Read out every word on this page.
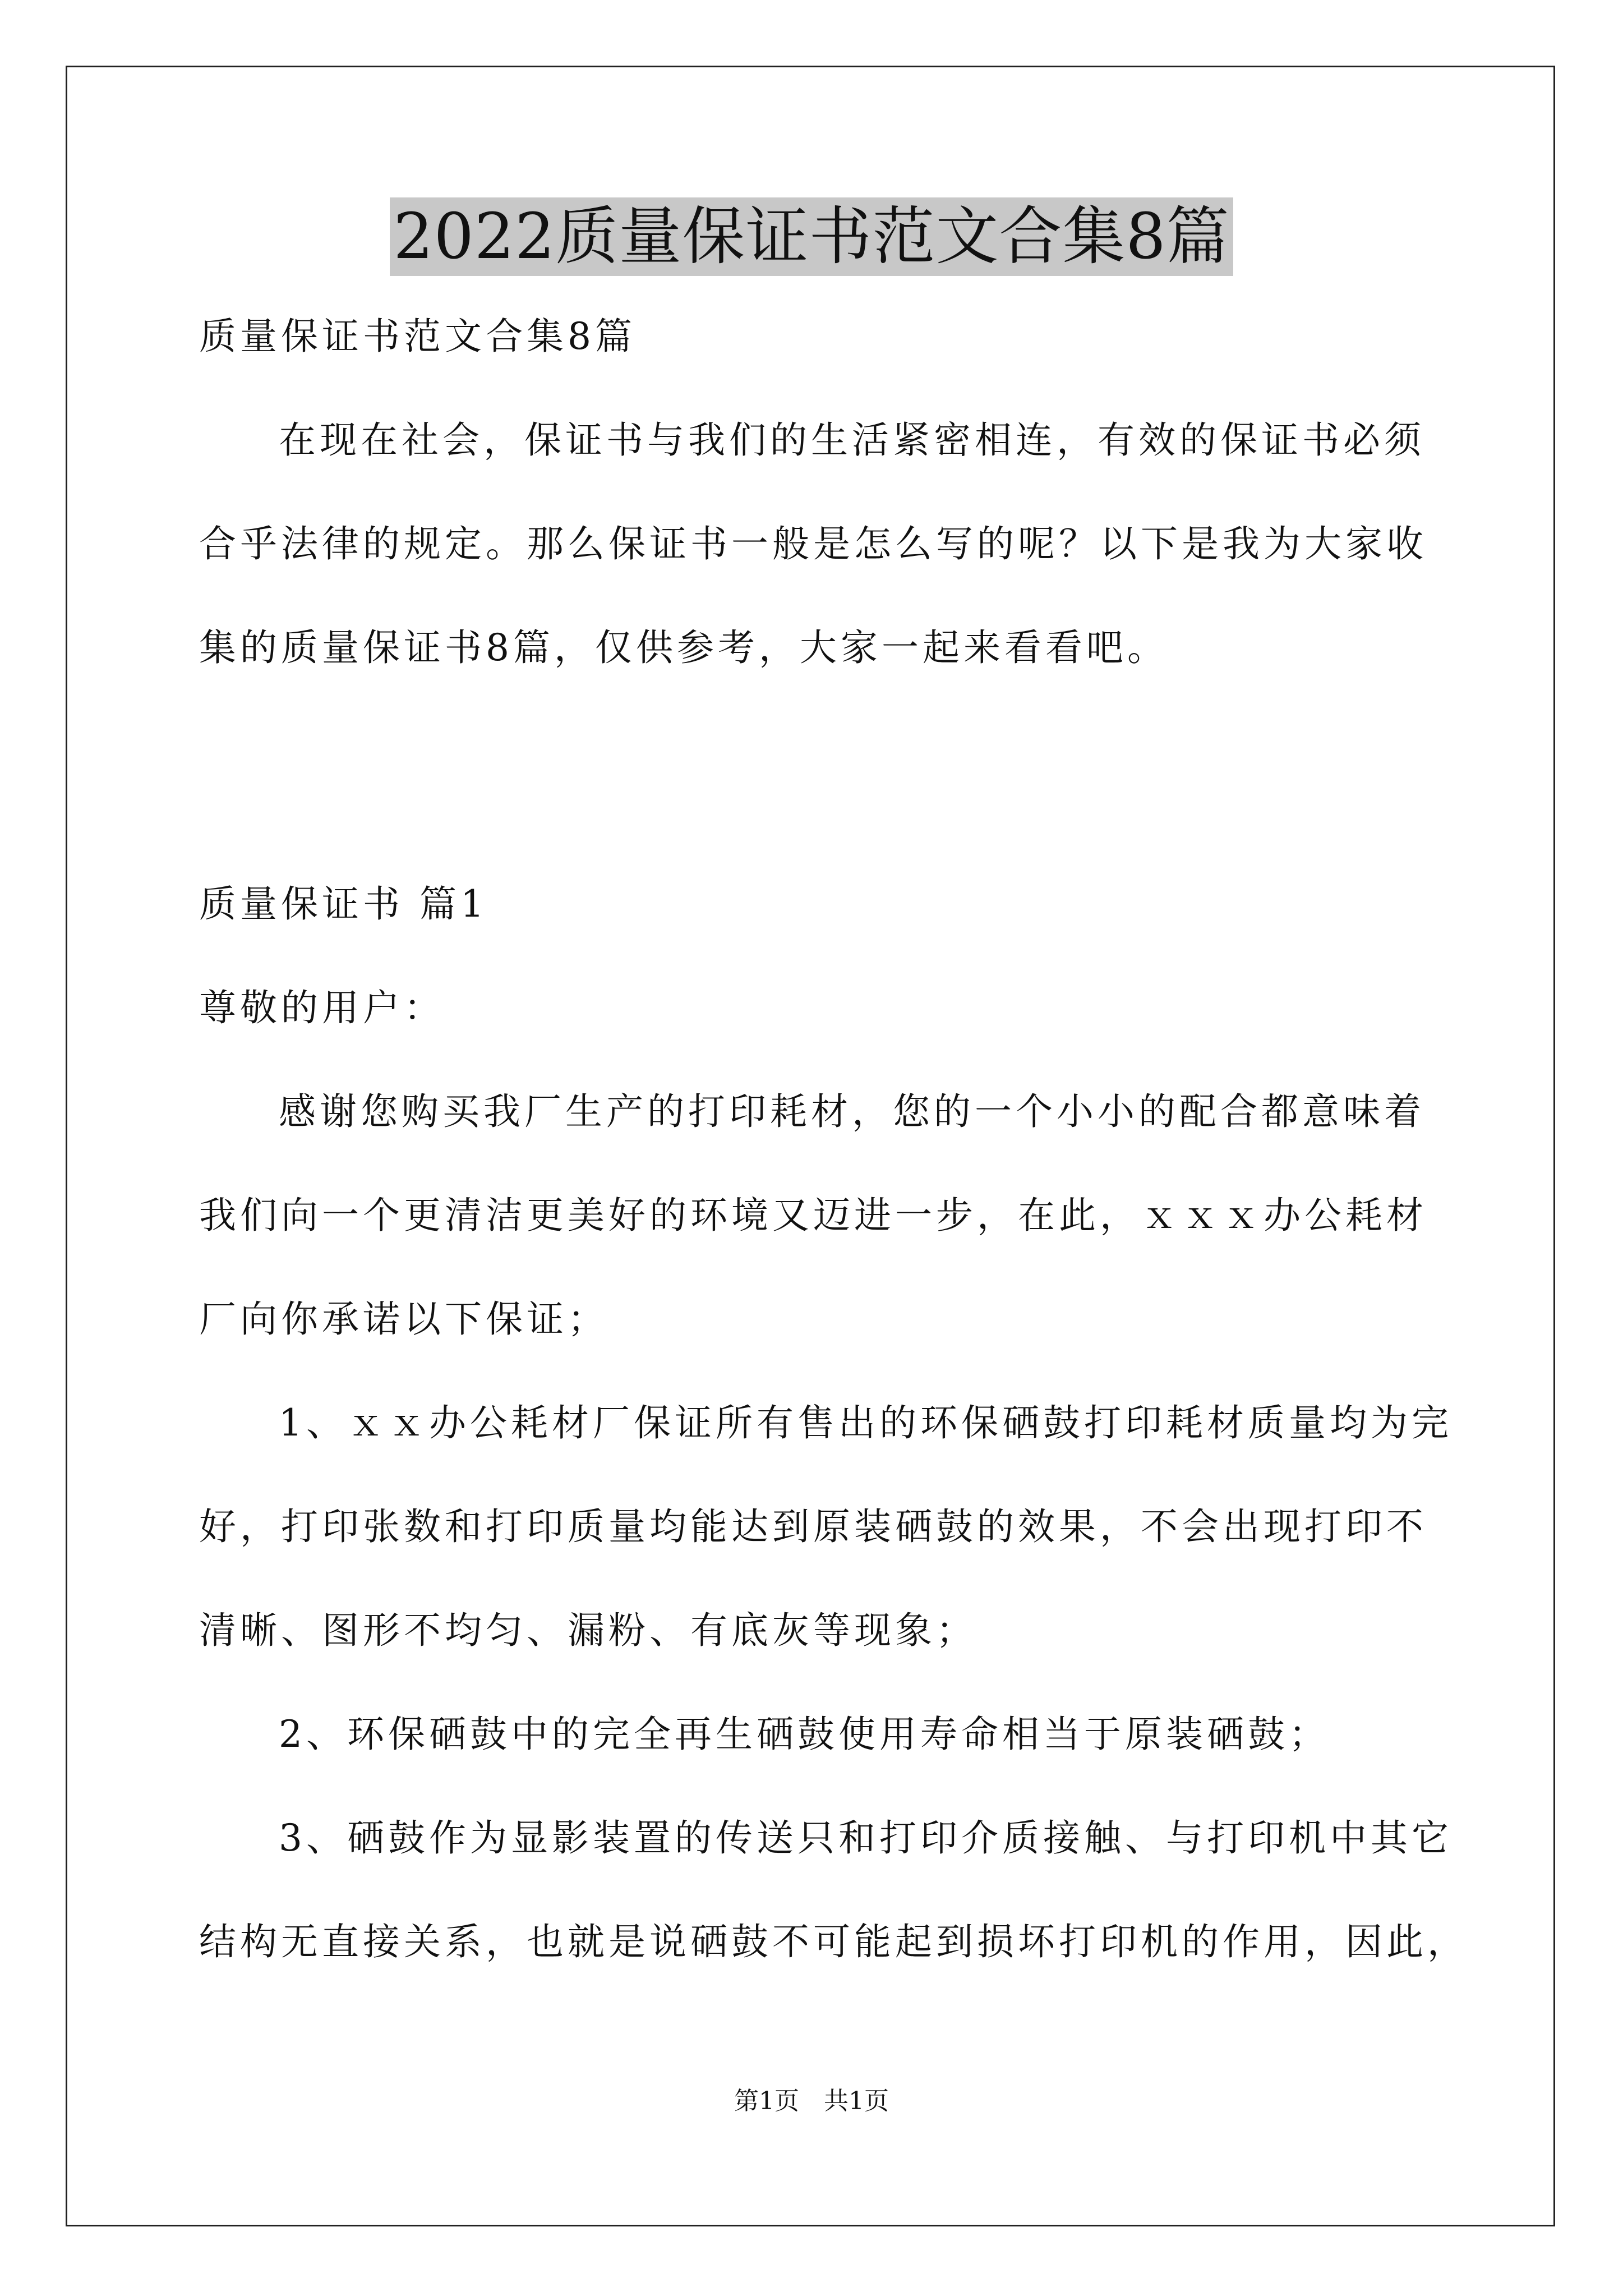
2022质量保证书范文合集8篇
质量保证书范文合集8篇
在现在社会，保证书与我们的生活紧密相连，有效的保证书必须
合乎法律的规定。那么保证书一般是怎么写的呢？以下是我为大家收
集的质量保证书8篇，仅供参考，大家一起来看看吧。
质量保证书 篇1
尊敬的用户：
感谢您购买我厂生产的打印耗材，您的一个小小的配合都意味着
我们向一个更清洁更美好的环境又迈进一步，在此，ｘｘｘ办公耗材
厂向你承诺以下保证；
1、ｘｘ办公耗材厂保证所有售出的环保硒鼓打印耗材质量均为完
好，打印张数和打印质量均能达到原装硒鼓的效果，不会出现打印不
清晰、图形不均匀、漏粉、有底灰等现象；
2、环保硒鼓中的完全再生硒鼓使用寿命相当于原装硒鼓；
3、硒鼓作为显影装置的传送只和打印介质接触、与打印机中其它
结构无直接关系，也就是说硒鼓不可能起到损坏打印机的作用，因此，
第1页　共1页
